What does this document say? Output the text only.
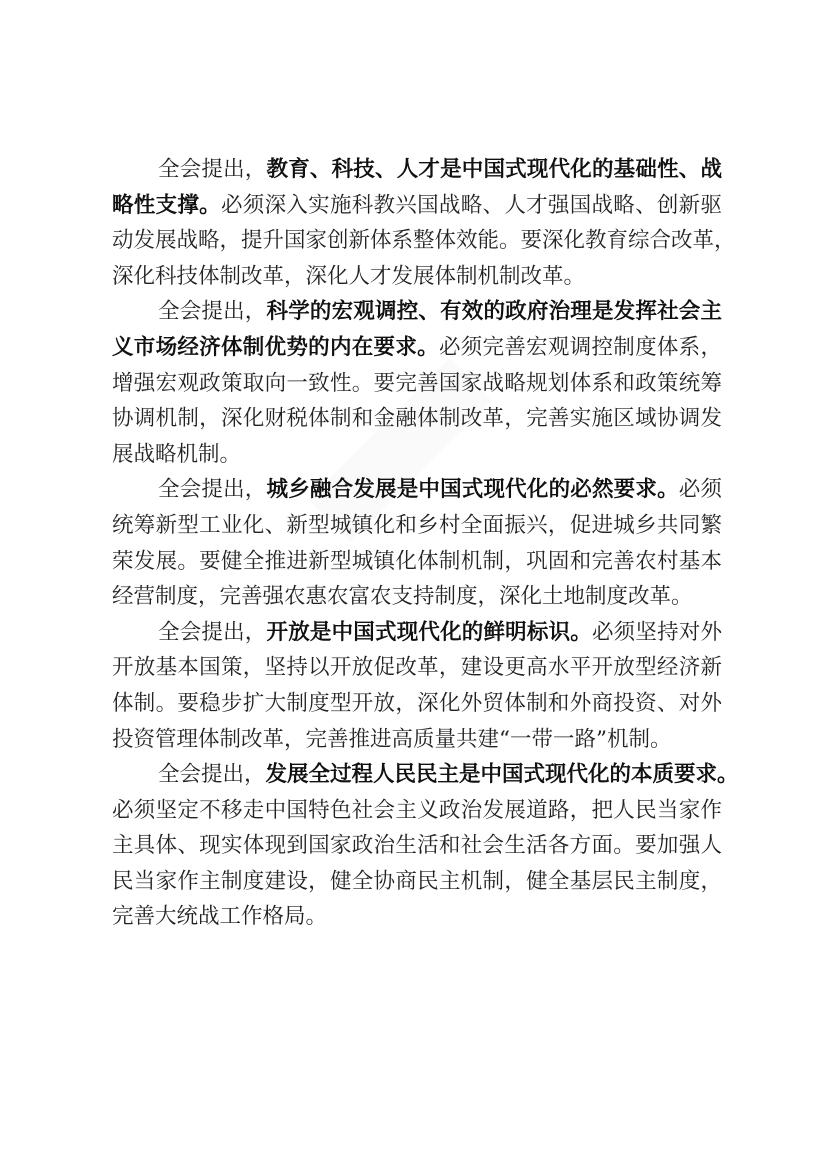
全会提出，教育、科技、人才是中国式现代化的基础性、战
略性支撑。必须深入实施科教兴国战略、人才强国战略、创新驱
动发展战略，提升国家创新体系整体效能。要深化教育综合改革，
深化科技体制改革，深化人才发展体制机制改革。
全会提出，科学的宏观调控、有效的政府治理是发挥社会主
义市场经济体制优势的内在要求。必须完善宏观调控制度体系，
增强宏观政策取向一致性。要完善国家战略规划体系和政策统筹
协调机制，深化财税体制和金融体制改革，完善实施区域协调发
展战略机制。
全会提出，城乡融合发展是中国式现代化的必然要求。必须
统筹新型工业化、新型城镇化和乡村全面振兴，促进城乡共同繁
荣发展。要健全推进新型城镇化体制机制，巩固和完善农村基本
经营制度，完善强农惠农富农支持制度，深化土地制度改革。
全会提出，开放是中国式现代化的鲜明标识。必须坚持对外
开放基本国策，坚持以开放促改革，建设更高水平开放型经济新
体制。要稳步扩大制度型开放，深化外贸体制和外商投资、对外
投资管理体制改革，完善推进高质量共建“一带一路”机制。
全会提出，发展全过程人民民主是中国式现代化的本质要求。
必须坚定不移走中国特色社会主义政治发展道路，把人民当家作
主具体、现实体现到国家政治生活和社会生活各方面。要加强人
民当家作主制度建设，健全协商民主机制，健全基层民主制度，
完善大统战工作格局。
